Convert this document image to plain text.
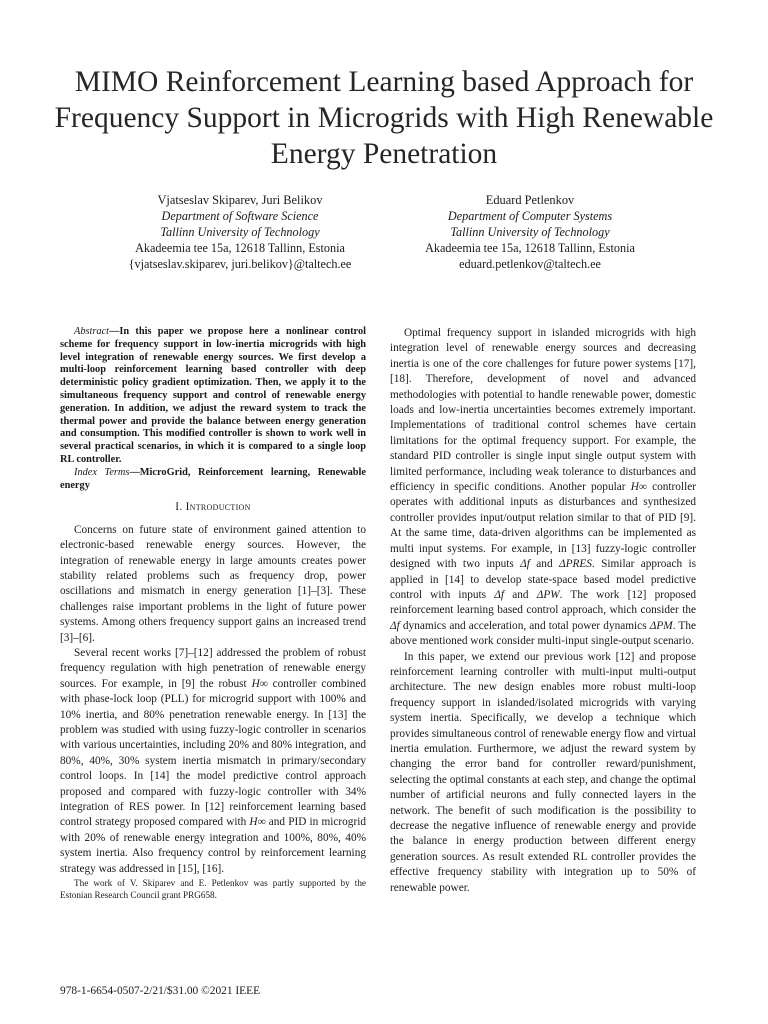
MIMO Reinforcement Learning based Approach for Frequency Support in Microgrids with High Renewable Energy Penetration
Vjatseslav Skiparev, Juri Belikov
Department of Software Science
Tallinn University of Technology
Akadeemia tee 15a, 12618 Tallinn, Estonia
{vjatseslav.skiparev, juri.belikov}@taltech.ee
Eduard Petlenkov
Department of Computer Systems
Tallinn University of Technology
Akadeemia tee 15a, 12618 Tallinn, Estonia
eduard.petlenkov@taltech.ee

Abstract—In this paper we propose here a nonlinear control scheme for frequency support in low-inertia microgrids with high level integration of renewable energy sources. We first develop a multi-loop reinforcement learning based controller with deep deterministic policy gradient optimization. Then, we apply it to the simultaneous frequency support and control of renewable energy generation. In addition, we adjust the reward system to track the thermal power and provide the balance between energy generation and consumption. This modified controller is shown to work well in several practical scenarios, in which it is compared to a single loop RL controller.

Index Terms—MicroGrid, Reinforcement learning, Renewable energy

I. Introduction

Concerns on future state of environment gained attention to electronic-based renewable energy sources. However, the integration of renewable energy in large amounts creates power stability related problems such as frequency drop, power oscillations and mismatch in energy generation [1]–[3]. These challenges raise important problems in the light of future power systems. Among others frequency support gains an increased trend [3]–[6].

Several recent works [7]–[12] addressed the problem of robust frequency regulation with high penetration of renewable energy sources. For example, in [9] the robust H∞ controller combined with phase-lock loop (PLL) for microgrid support with 100% and 10% inertia, and 80% penetration renewable energy. In [13] the problem was studied with using fuzzy-logic controller in scenarios with various uncertainties, including 20% and 80% integration, and 80%, 40%, 30% system inertia mismatch in primary/secondary control loops. In [14] the model predictive control approach proposed and compared with fuzzy-logic controller with 34% integration of RES power. In [12] reinforcement learning based control strategy proposed compared with H∞ and PID in microgrid with 20% of renewable energy integration and 100%, 80%, 40% system inertia. Also frequency control by reinforcement learning strategy was addressed in [15], [16].

The work of V. Skiparev and E. Petlenkov was partly supported by the Estonian Research Council grant PRG658.

Optimal frequency support in islanded microgrids with high integration level of renewable energy sources and decreasing inertia is one of the core challenges for future power systems [17], [18]. Therefore, development of novel and advanced methodologies with potential to handle renewable power, domestic loads and low-inertia uncertainties becomes extremely important. Implementations of traditional control schemes have certain limitations for the optimal frequency support. For example, the standard PID controller is single input single output system with limited performance, including weak tolerance to disturbances and efficiency in specific conditions. Another popular H∞ controller operates with additional inputs as disturbances and synthesized controller provides input/output relation similar to that of PID [9]. At the same time, data-driven algorithms can be implemented as multi input systems. For example, in [13] fuzzy-logic controller designed with two inputs Δf and ΔPRES. Similar approach is applied in [14] to develop state-space based model predictive control with inputs Δf and ΔPW. The work [12] proposed reinforcement learning based control approach, which consider the Δf dynamics and acceleration, and total power dynamics ΔPM. The above mentioned work consider multi-input single-output scenario.

In this paper, we extend our previous work [12] and propose reinforcement learning controller with multi-input multi-output architecture. The new design enables more robust multi-loop frequency support in islanded/isolated microgrids with varying system inertia. Specifically, we develop a technique which provides simultaneous control of renewable energy flow and virtual inertia emulation. Furthermore, we adjust the reward system by changing the error band for controller reward/punishment, selecting the optimal constants at each step, and change the optimal number of artificial neurons and fully connected layers in the network. The benefit of such modification is the possibility to decrease the negative influence of renewable energy and provide the balance in energy production between different energy generation sources. As result extended RL controller provides the effective frequency stability with integration up to 50% of renewable power.

978-1-6654-0507-2/21/$31.00 ©2021 IEEE
